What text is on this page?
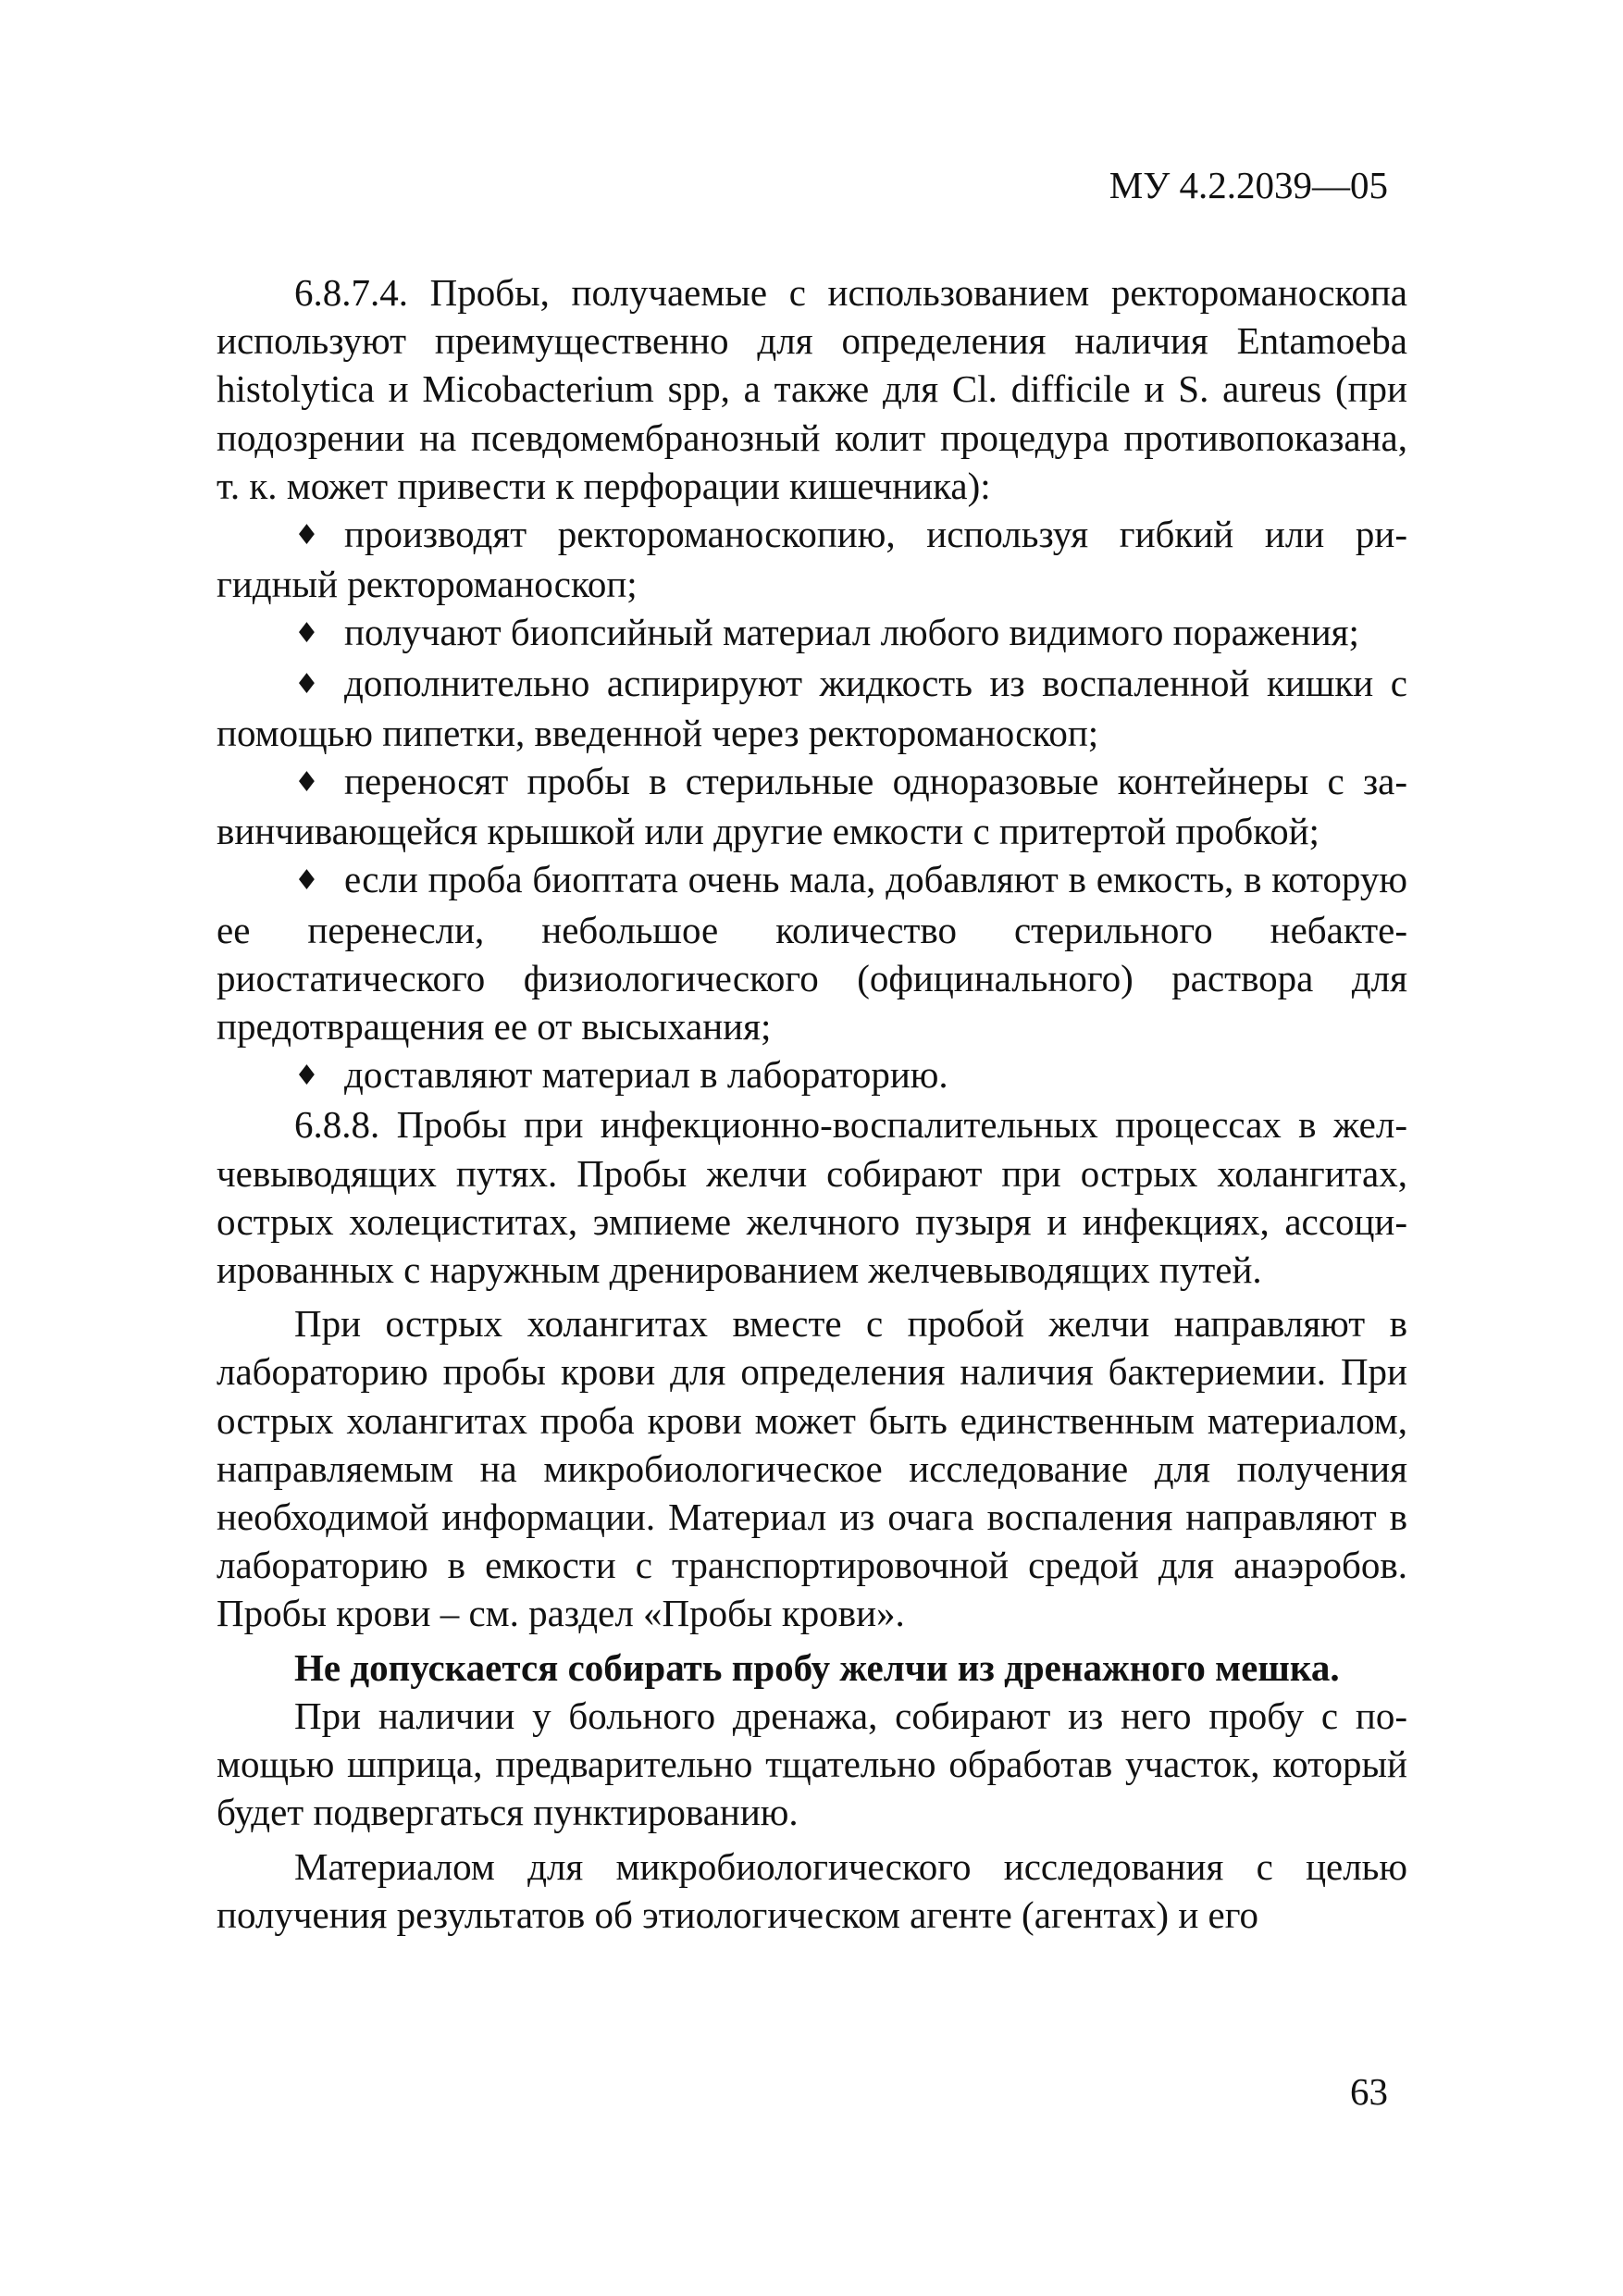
МУ 4.2.2039—05

6.8.7.4. Пробы, получаемые с использованием ректороманоскопа используют преимущественно для определения наличия Entamoeba histolytica и Micobacterium spp, а также для Cl. difficile и S. aureus (при подозрении на псевдомембранозный колит процедура противопоказана, т. к. может привести к перфорации кишечника):

♦ производят ректороманоскопию, используя гибкий или ригидный ректороманоскоп;
♦ получают биопсийный материал любого видимого поражения;
♦ дополнительно аспирируют жидкость из воспаленной кишки с помощью пипетки, введенной через ректороманоскоп;
♦ переносят пробы в стерильные одноразовые контейнеры с завинчивающейся крышкой или другие емкости с притертой пробкой;
♦ если проба биоптата очень мала, добавляют в емкость, в которую ее перенесли, небольшое количество стерильного небактериостатического физиологического (официнального) раствора для предотвращения ее от высыхания;
♦ доставляют материал в лабораторию.

6.8.8. Пробы при инфекционно-воспалительных процессах в желчевыводящих путях. Пробы желчи собирают при острых холангитах, острых холециститах, эмпиеме желчного пузыря и инфекциях, ассоциированных с наружным дренированием желчевыводящих путей.

При острых холангитах вместе с пробой желчи направляют в лабораторию пробы крови для определения наличия бактериемии. При острых холангитах проба крови может быть единственным материалом, направляемым на микробиологическое исследование для получения необходимой информации. Материал из очага воспаления направляют в лабораторию в емкости с транспортировочной средой для анаэробов. Пробы крови – см. раздел «Пробы крови».

Не допускается собирать пробу желчи из дренажного мешка.

При наличии у больного дренажа, собирают из него пробу с помощью шприца, предварительно тщательно обработав участок, который будет подвергаться пунктированию.

Материалом для микробиологического исследования с целью получения результатов об этиологическом агенте (агентах) и его

63
